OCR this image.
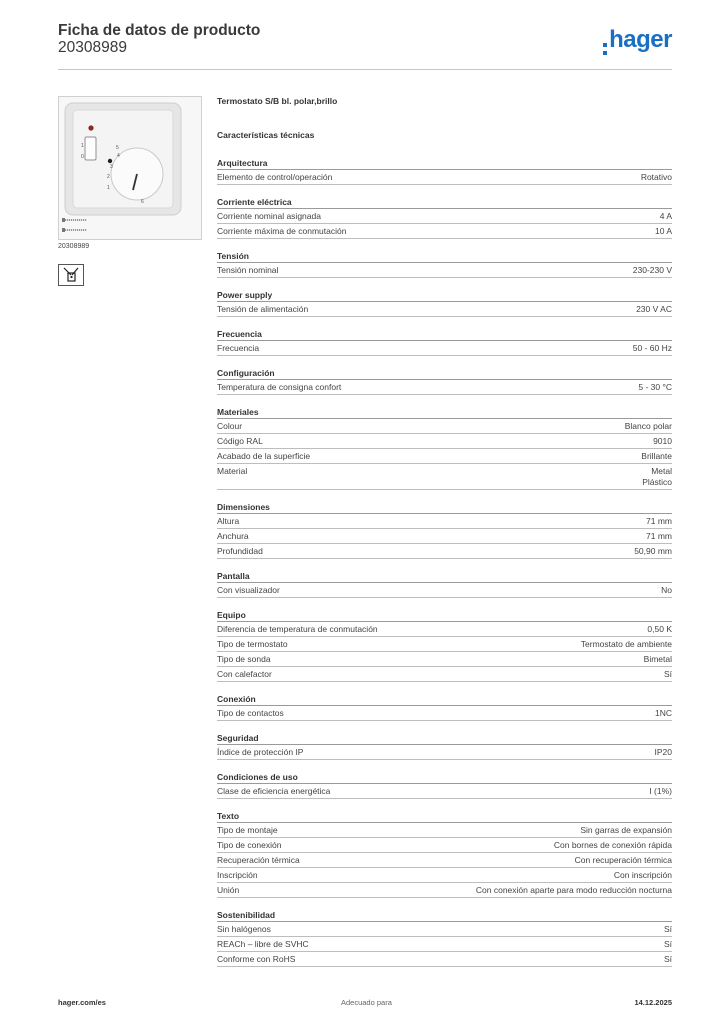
Ficha de datos de producto
20308989	hager
1
0
1
2
3
4
5
6
20308989
Termostato S/B bl. polar,brillo
Características técnicas
Arquitectura
Elemento de control/operación	Rotativo
Corriente eléctrica
Corriente nominal asignada	4 A
Corriente máxima de conmutación	10 A
Tensión
Tensión nominal	230-230 V
Power supply
Tensión de alimentación	230 V AC
Frecuencia
Frecuencia	50 - 60 Hz
Configuración
Temperatura de consigna confort	5 - 30 °C
Materiales
Colour	Blanco polar
Código RAL	9010
Acabado de la superficie	Brillante
Material	Metal
Plástico
Dimensiones
Altura	71 mm
Anchura	71 mm
Profundidad	50,90 mm
Pantalla
Con visualizador	No
Equipo
Diferencia de temperatura de conmutación	0,50 K
Tipo de termostato	Termostato de ambiente
Tipo de sonda	Bimetal
Con calefactor	Sí
Conexión
Tipo de contactos	1NC
Seguridad
Índice de protección IP	IP20
Condiciones de uso
Clase de eficiencia energética	I (1%)
Texto
Tipo de montaje	Sin garras de expansión
Tipo de conexión	Con bornes de conexión rápida
Recuperación térmica	Con recuperación térmica
Inscripción	Con inscripción
Unión	Con conexión aparte para modo reducción nocturna
Sostenibilidad
Sin halógenos	Sí
REACh – libre de SVHC	Sí
Conforme con RoHS	Sí
hager.com/es	Adecuado para	14.12.2025
